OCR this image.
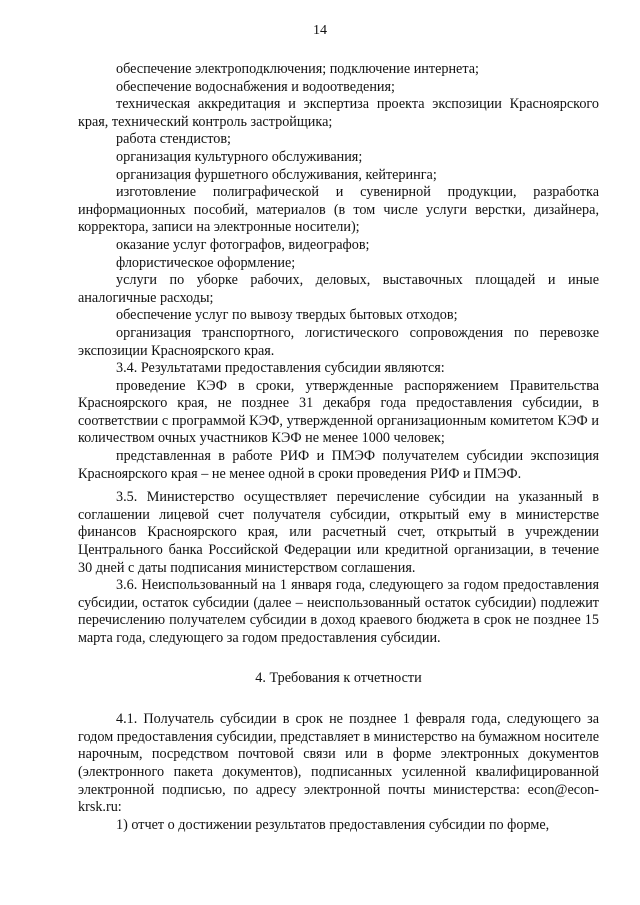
14

обеспечение электроподключения; подключение интернета;

обеспечение водоснабжения и водоотведения;

техническая аккредитация и экспертиза проекта экспозиции Красноярского края, технический контроль застройщика;

работа стендистов;

организация культурного обслуживания;

организация фуршетного обслуживания, кейтеринга;

изготовление полиграфической и сувенирной продукции, разработка информационных пособий, материалов (в том числе услуги верстки, дизайнера, корректора, записи на электронные носители);

оказание услуг фотографов, видеографов;

флористическое оформление;

услуги по уборке рабочих, деловых, выставочных площадей и иные аналогичные расходы;

обеспечение услуг по вывозу твердых бытовых отходов;

организация транспортного, логистического сопровождения по перевозке экспозиции Красноярского края.

3.4. Результатами предоставления субсидии являются:

проведение КЭФ в сроки, утвержденные распоряжением Правительства Красноярского края, не позднее 31 декабря года предоставления субсидии, в соответствии с программой КЭФ, утвержденной организационным комитетом КЭФ и количеством очных участников КЭФ не менее 1000 человек;

представленная в работе РИФ и ПМЭФ получателем субсидии экспозиция Красноярского края – не менее одной в сроки проведения РИФ и ПМЭФ.

3.5. Министерство осуществляет перечисление субсидии на указанный в соглашении лицевой счет получателя субсидии, открытый ему в министерстве финансов Красноярского края, или расчетный счет, открытый в учреждении Центрального банка Российской Федерации или кредитной организации, в течение 30 дней с даты подписания министерством соглашения.

3.6. Неиспользованный на 1 января года, следующего за годом предоставления субсидии, остаток субсидии (далее – неиспользованный остаток субсидии) подлежит перечислению получателем субсидии в доход краевого бюджета в срок не позднее 15 марта года, следующего за годом предоставления субсидии.

4. Требования к отчетности

4.1. Получатель субсидии в срок не позднее 1 февраля года, следующего за годом предоставления субсидии, представляет в министерство на бумажном носителе нарочным, посредством почтовой связи или в форме электронных документов (электронного пакета документов), подписанных усиленной квалифицированной электронной подписью, по адресу электронной почты министерства: econ@econ-krsk.ru:

1) отчет о достижении результатов предоставления субсидии по форме,
